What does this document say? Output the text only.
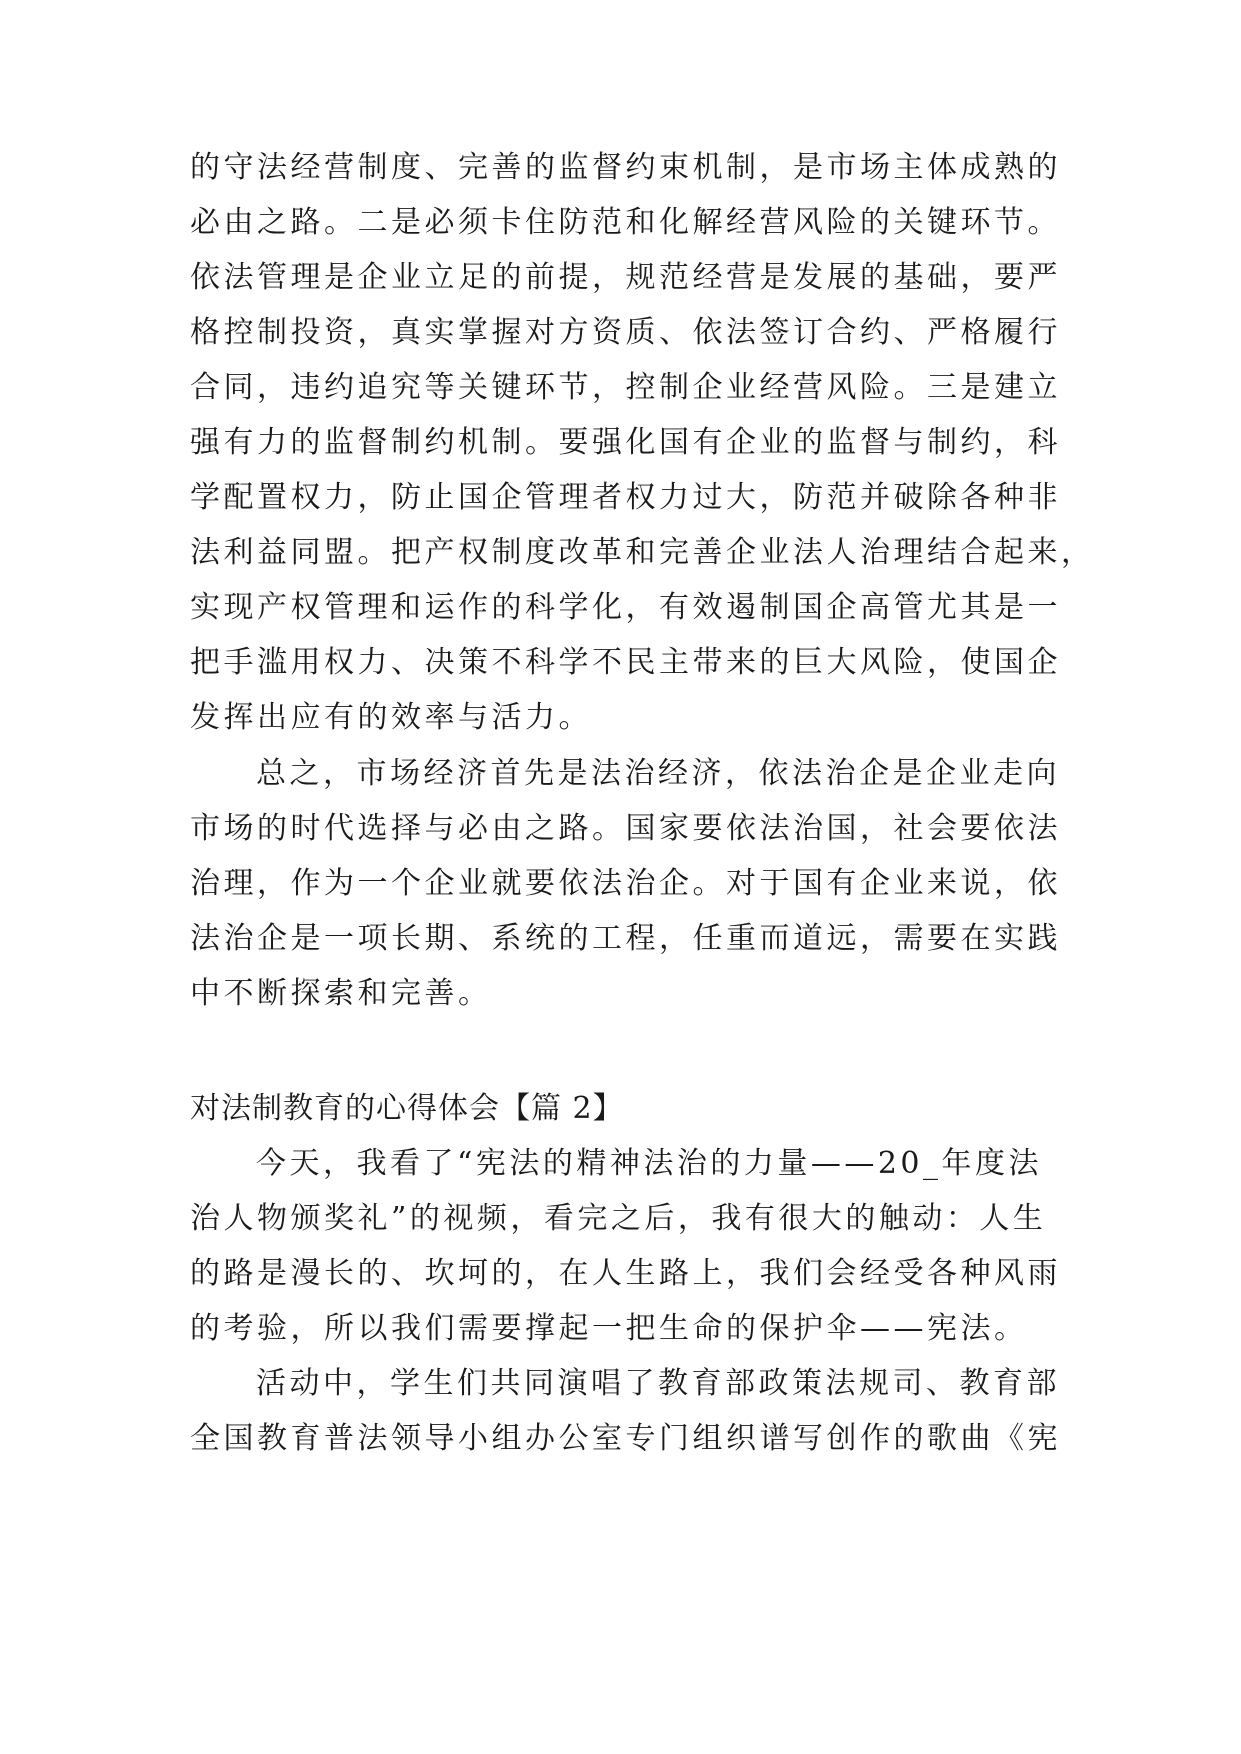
的守法经营制度、完善的监督约束机制，是市场主体成熟的

必由之路。二是必须卡住防范和化解经营风险的关键环节。

依法管理是企业立足的前提，规范经营是发展的基础，要严

格控制投资，真实掌握对方资质、依法签订合约、严格履行

合同，违约追究等关键环节，控制企业经营风险。三是建立

强有力的监督制约机制。要强化国有企业的监督与制约，科

学配置权力，防止国企管理者权力过大，防范并破除各种非

法利益同盟。把产权制度改革和完善企业法人治理结合起来，

实现产权管理和运作的科学化，有效遏制国企高管尤其是一

把手滥用权力、决策不科学不民主带来的巨大风险，使国企

发挥出应有的效率与活力。

总之，市场经济首先是法治经济，依法治企是企业走向

市场的时代选择与必由之路。国家要依法治国，社会要依法

治理，作为一个企业就要依法治企。对于国有企业来说，依

法治企是一项长期、系统的工程，任重而道远，需要在实践

中不断探索和完善。

对法制教育的心得体会【篇 2】

今天，我看了“宪法的精神法治的力量——20_年度法

治人物颁奖礼”的视频，看完之后，我有很大的触动：人生

的路是漫长的、坎坷的，在人生路上，我们会经受各种风雨

的考验，所以我们需要撑起一把生命的保护伞——宪法。

活动中，学生们共同演唱了教育部政策法规司、教育部

全国教育普法领导小组办公室专门组织谱写创作的歌曲《宪
